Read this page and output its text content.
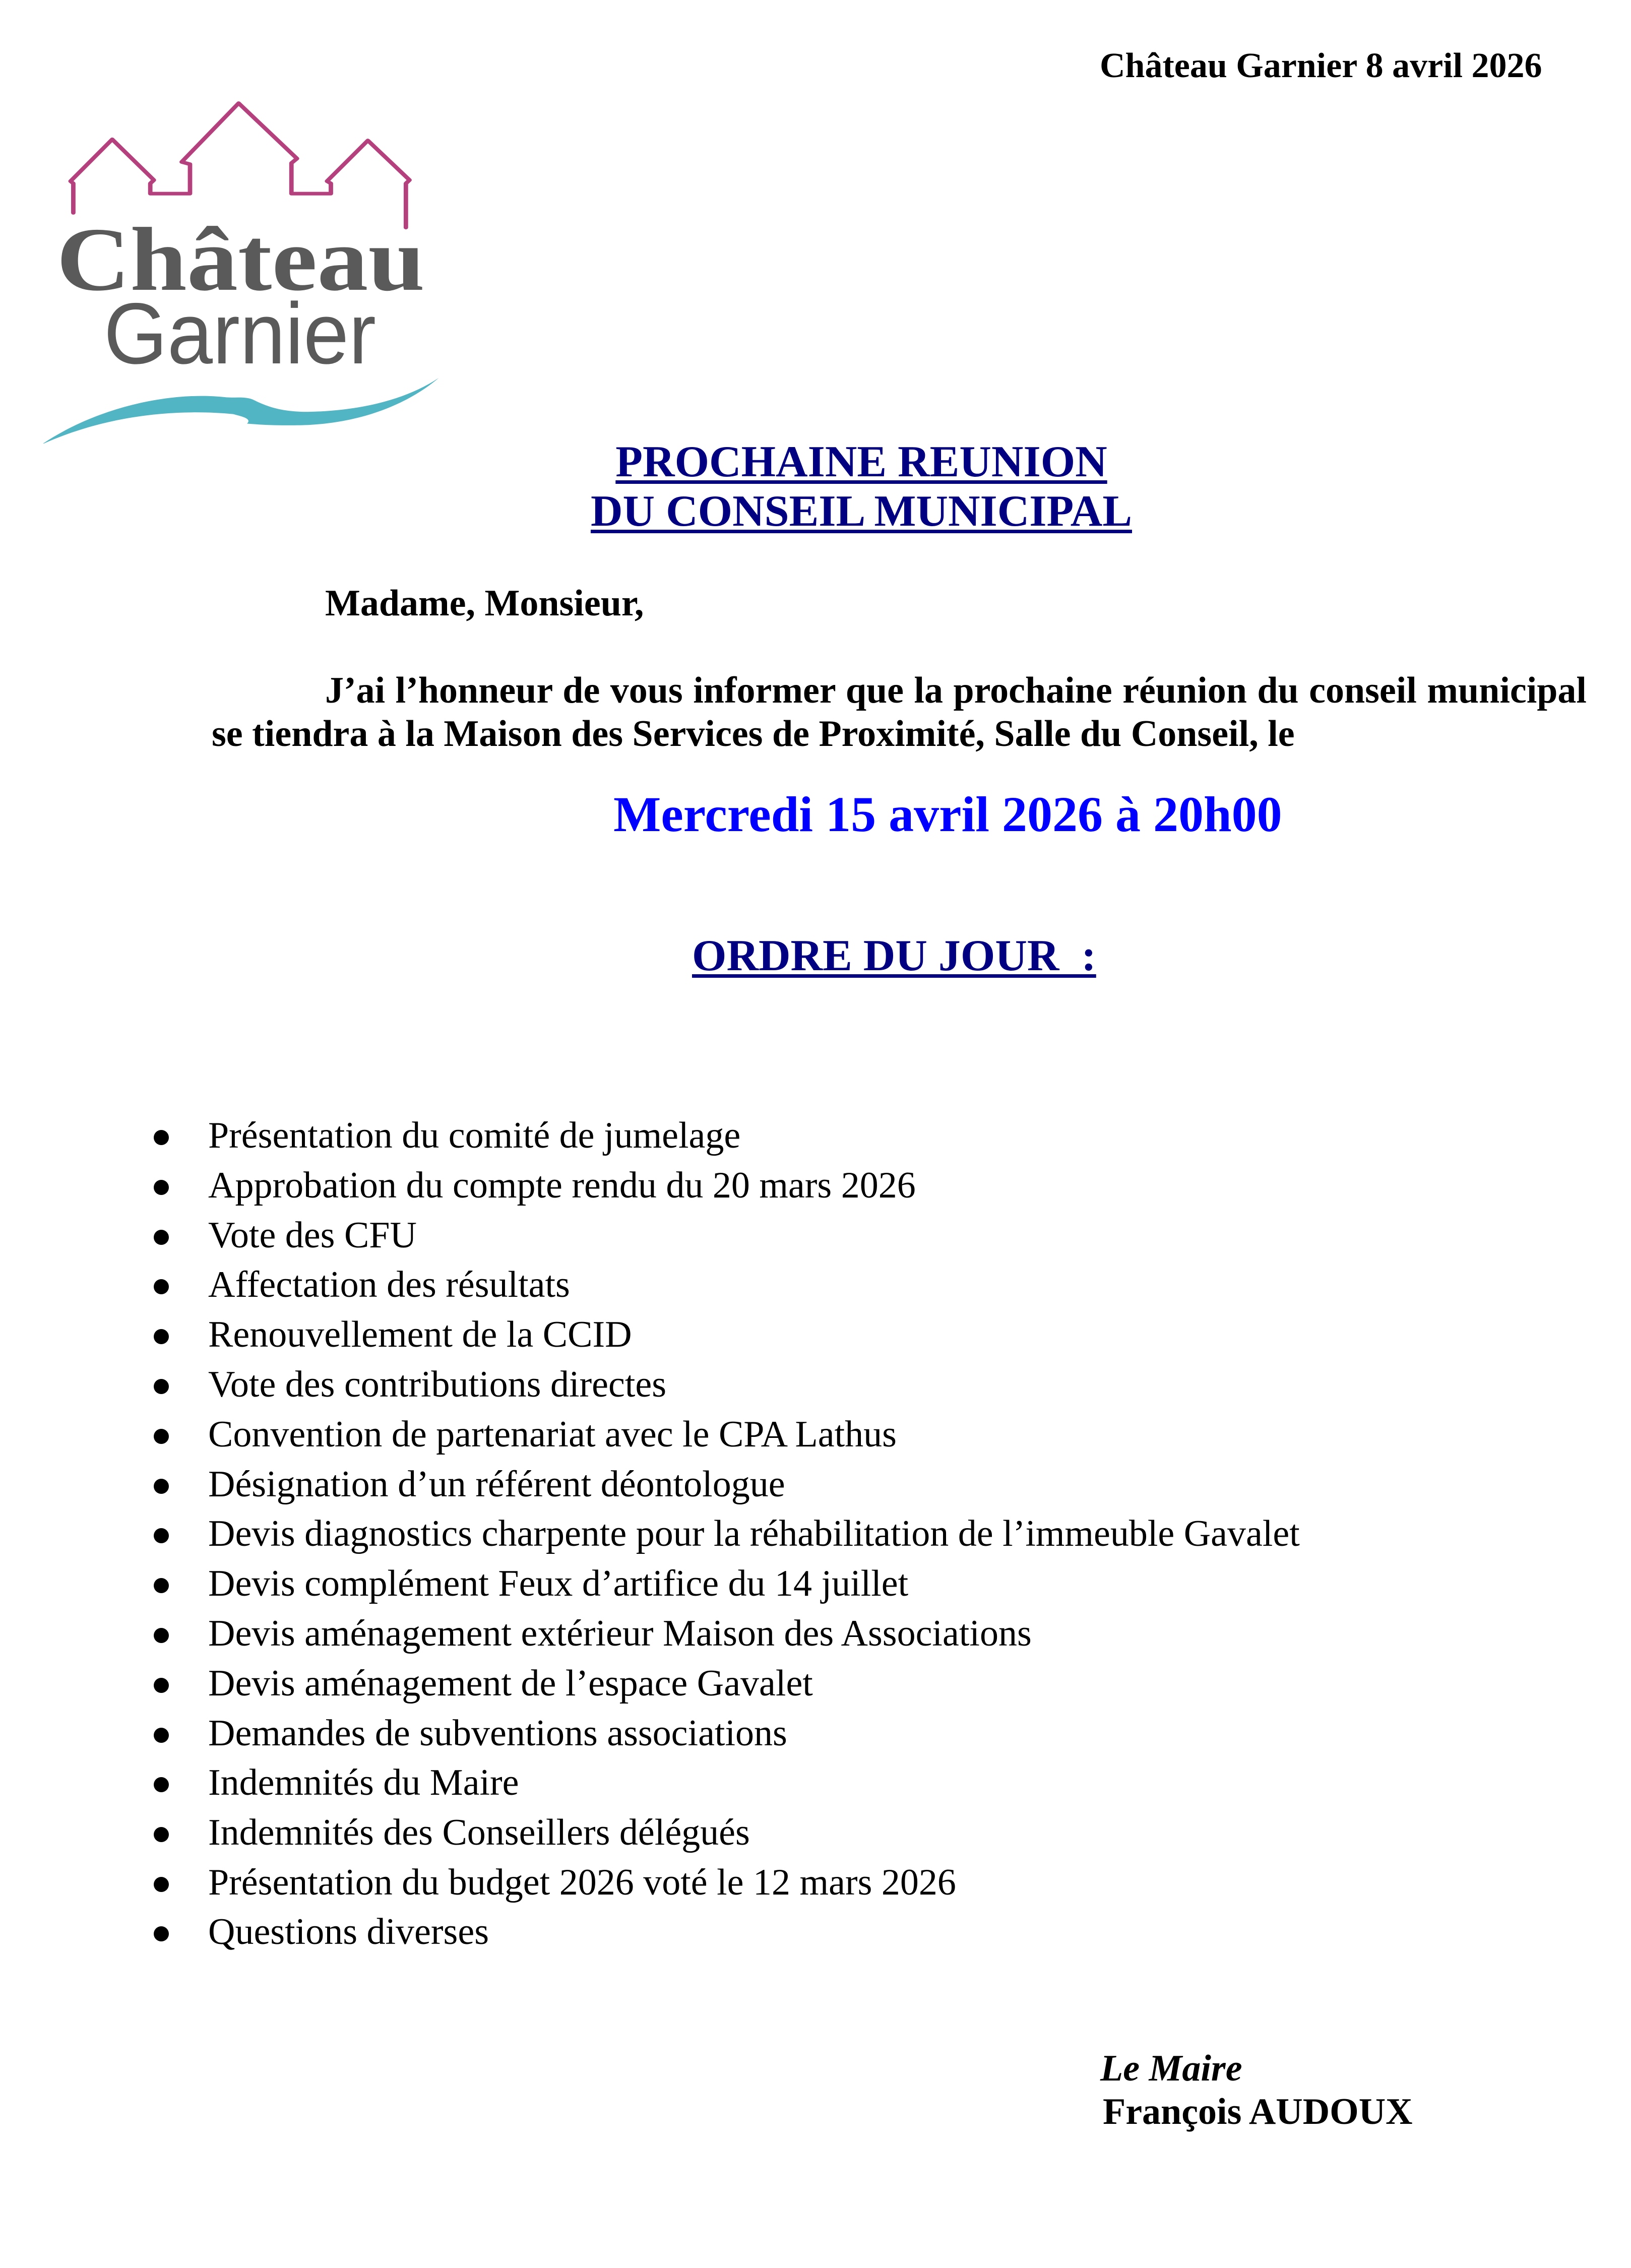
Château
Garnier
Château Garnier 8 avril 2026
PROCHAINE REUNION
DU CONSEIL MUNICIPAL
Madame, Monsieur,
J’ai l’honneur de vous informer que la prochaine réunion du conseil municipal
se tiendra à la Maison des Services de Proximité, Salle du Conseil, le
Mercredi 15 avril 2026 à 20h00
ORDRE DU JOUR  :
Présentation du comité de jumelage
Approbation du compte rendu du 20 mars 2026
Vote des CFU
Affectation des résultats
Renouvellement de la CCID
Vote des contributions directes
Convention de partenariat avec le CPA Lathus
Désignation d’un référent déontologue
Devis diagnostics charpente pour la réhabilitation de l’immeuble Gavalet
Devis complément Feux d’artifice du 14 juillet
Devis aménagement extérieur Maison des Associations
Devis aménagement de l’espace Gavalet
Demandes de subventions associations
Indemnités du Maire
Indemnités des Conseillers délégués
Présentation du budget 2026 voté le 12 mars 2026
Questions diverses
Le Maire
François AUDOUX
